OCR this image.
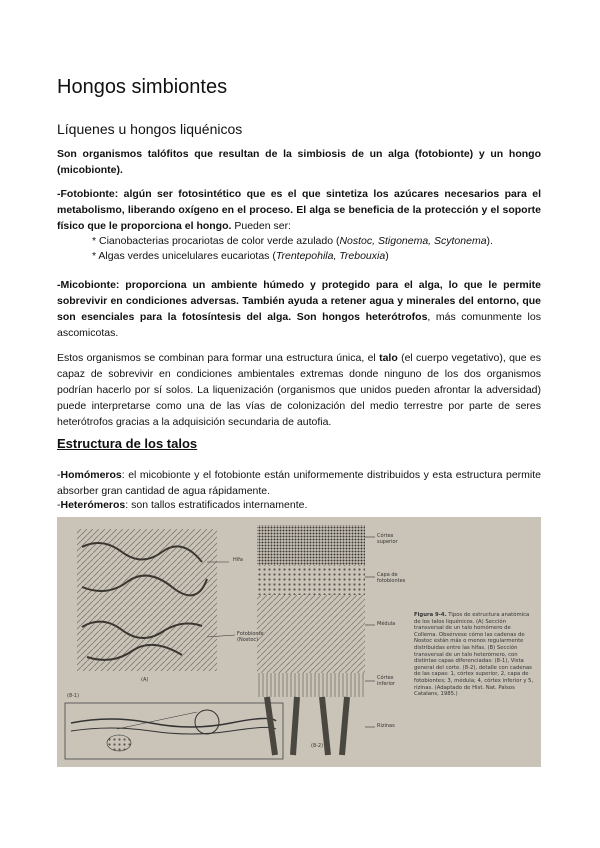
Hongos simbiontes
Líquenes u hongos liquénicos

Son organismos talófitos que resultan de la simbiosis de un alga (fotobionte) y un hongo (micobionte).

-Fotobionte: algún ser fotosintético que es el que sintetiza los azúcares necesarios para el metabolismo, liberando oxígeno en el proceso. El alga se beneficia de la protección y el soporte físico que le proporciona el hongo. Pueden ser:

* Cianobacterias procariotas de color verde azulado (Nostoc, Stigonema, Scytonema).

* Algas verdes unicelulares eucariotas (Trentepohila, Trebouxia)

-Micobionte: proporciona un ambiente húmedo y protegido para el alga, lo que le permite sobrevivir en condiciones adversas. También ayuda a retener agua y minerales del entorno, que son esenciales para la fotosíntesis del alga. Son hongos heterótrofos, más comunmente los ascomicotas.

Estos organismos se combinan para formar una estructura única, el talo (el cuerpo vegetativo), que es capaz de sobrevivir en condiciones ambientales extremas donde ninguno de los dos organismos podrían hacerlo por sí solos. La liquenización (organismos que unidos pueden afrontar la adversidad) puede interpretarse como una de las vías de colonización del medio terrestre por parte de seres heterótrofos gracias a la adquisición secundaria de autofia.

Estructura de los talos

-Homómeros: el micobionte y el fotobionte están uniformemente distribuidos y esta estructura permite absorber gran cantidad de agua rápidamente.

-Heterómeros: son tallos estratificados internamente.

Hifa
Fotobionte
(Nostoc)
(A)
(8-1)
(8-2)
Córtex
superior
Capa de
fotobiontes
Médula
Córtex
inferior
Rizinas
Figura 9-4. Tipos de estructura anatómica de los talos liquénicos. (A) Sección transversal de un talo homómero de Collema. Obsérvese cómo las cadenas de Nostoc están más o menos regularmente distribuidas entre las hifas. (B) Sección transversal de un talo heterómero, con distintas capas diferenciadas: (8-1), Vista general del corte. (8-2), detalle con cadenas de las capas: 1, córtex superior, 2, capa de fotobiontes; 3, médula; 4, córtex inferior y 5, rizinas. (Adaptado de Hist. Nat. Països Catalans, 1985.)
